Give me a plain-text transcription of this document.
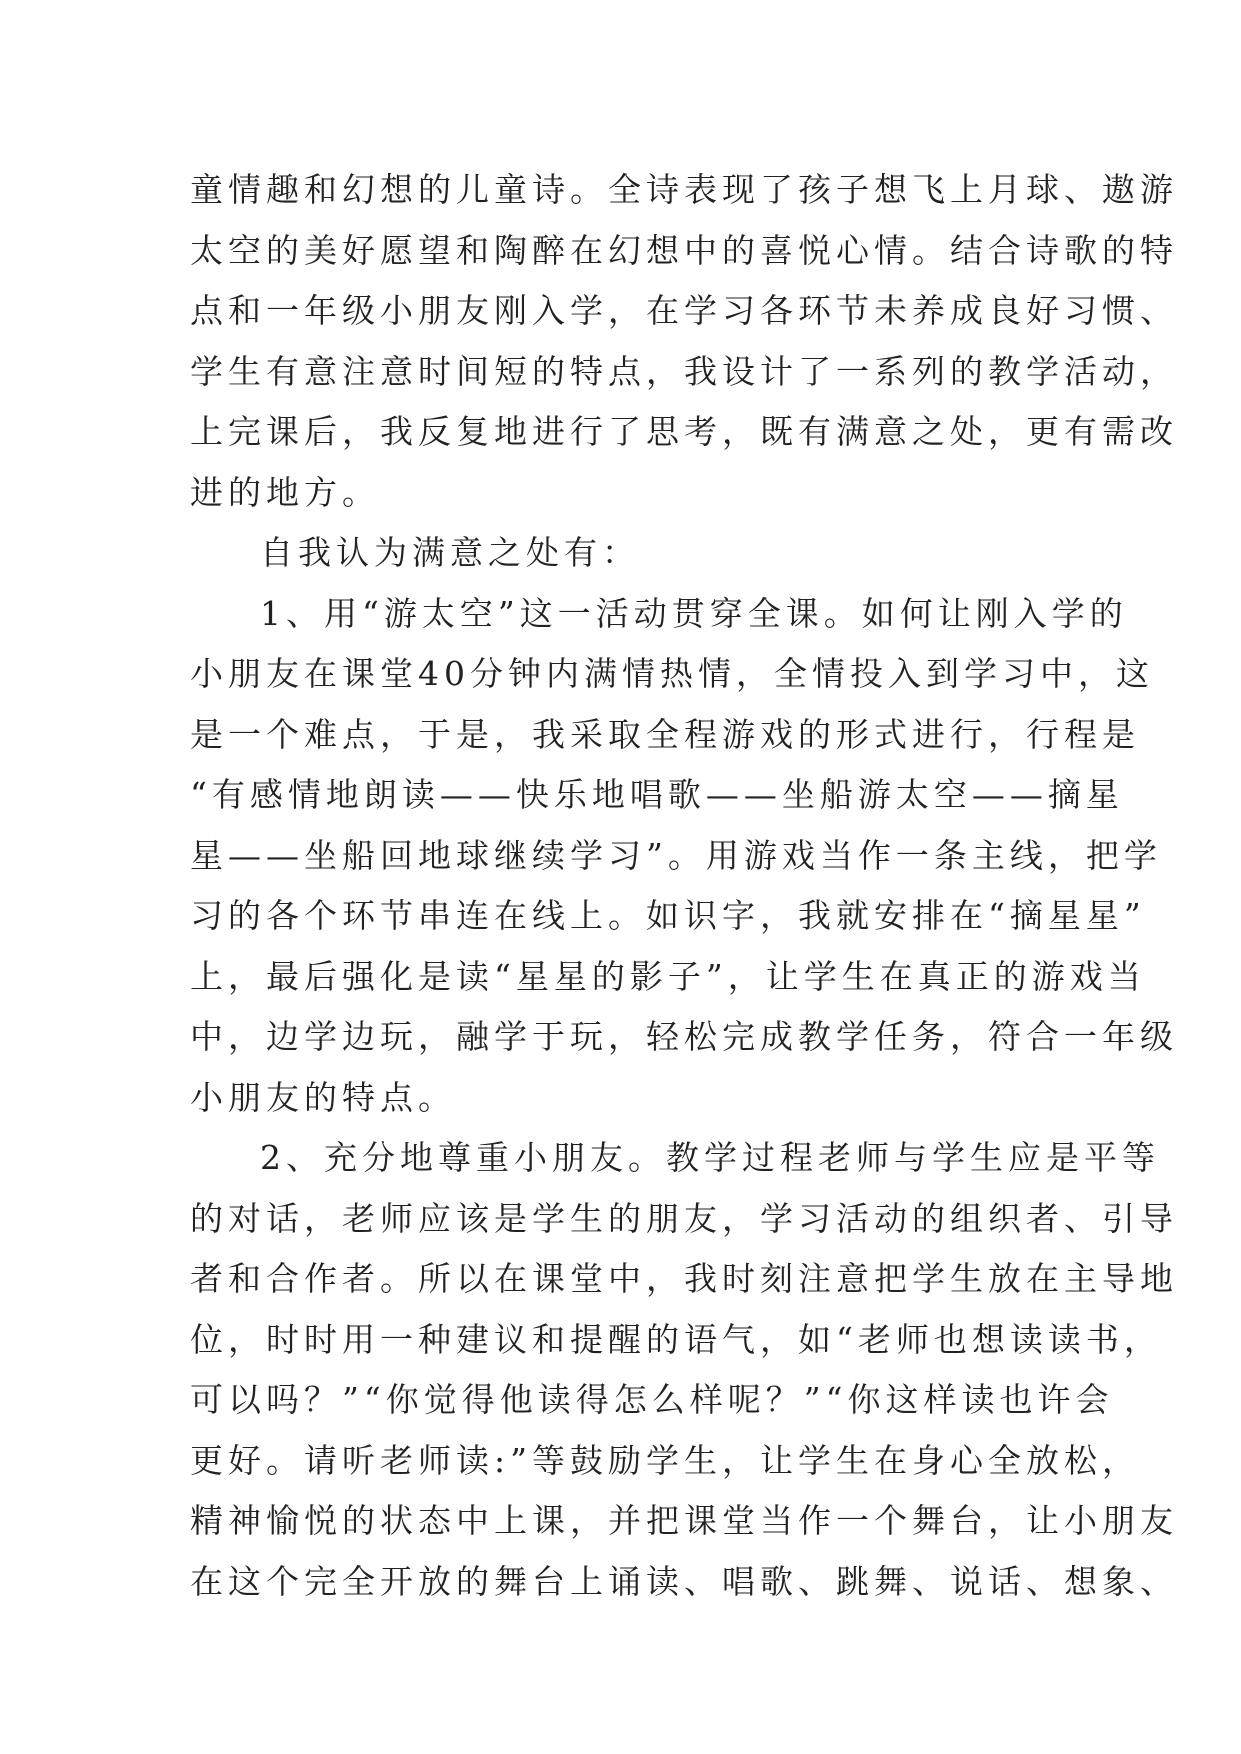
童情趣和幻想的儿童诗。全诗表现了孩子想飞上月球、遨游
太空的美好愿望和陶醉在幻想中的喜悦心情。结合诗歌的特
点和一年级小朋友刚入学，在学习各环节未养成良好习惯、
学生有意注意时间短的特点，我设计了一系列的教学活动，
上完课后，我反复地进行了思考，既有满意之处，更有需改
进的地方。
自我认为满意之处有：
1、用“游太空”这一活动贯穿全课。如何让刚入学的
小朋友在课堂40分钟内满情热情，全情投入到学习中，这
是一个难点，于是，我采取全程游戏的形式进行，行程是
“有感情地朗读——快乐地唱歌——坐船游太空——摘星
星——坐船回地球继续学习”。用游戏当作一条主线，把学
习的各个环节串连在线上。如识字，我就安排在“摘星星”
上，最后强化是读“星星的影子”，让学生在真正的游戏当
中，边学边玩，融学于玩，轻松完成教学任务，符合一年级
小朋友的特点。
2、充分地尊重小朋友。教学过程老师与学生应是平等
的对话，老师应该是学生的朋友，学习活动的组织者、引导
者和合作者。所以在课堂中，我时刻注意把学生放在主导地
位，时时用一种建议和提醒的语气，如“老师也想读读书，
可以吗？”“你觉得他读得怎么样呢？”“你这样读也许会
更好。请听老师读:”等鼓励学生，让学生在身心全放松，
精神愉悦的状态中上课，并把课堂当作一个舞台，让小朋友
在这个完全开放的舞台上诵读、唱歌、跳舞、说话、想象、
